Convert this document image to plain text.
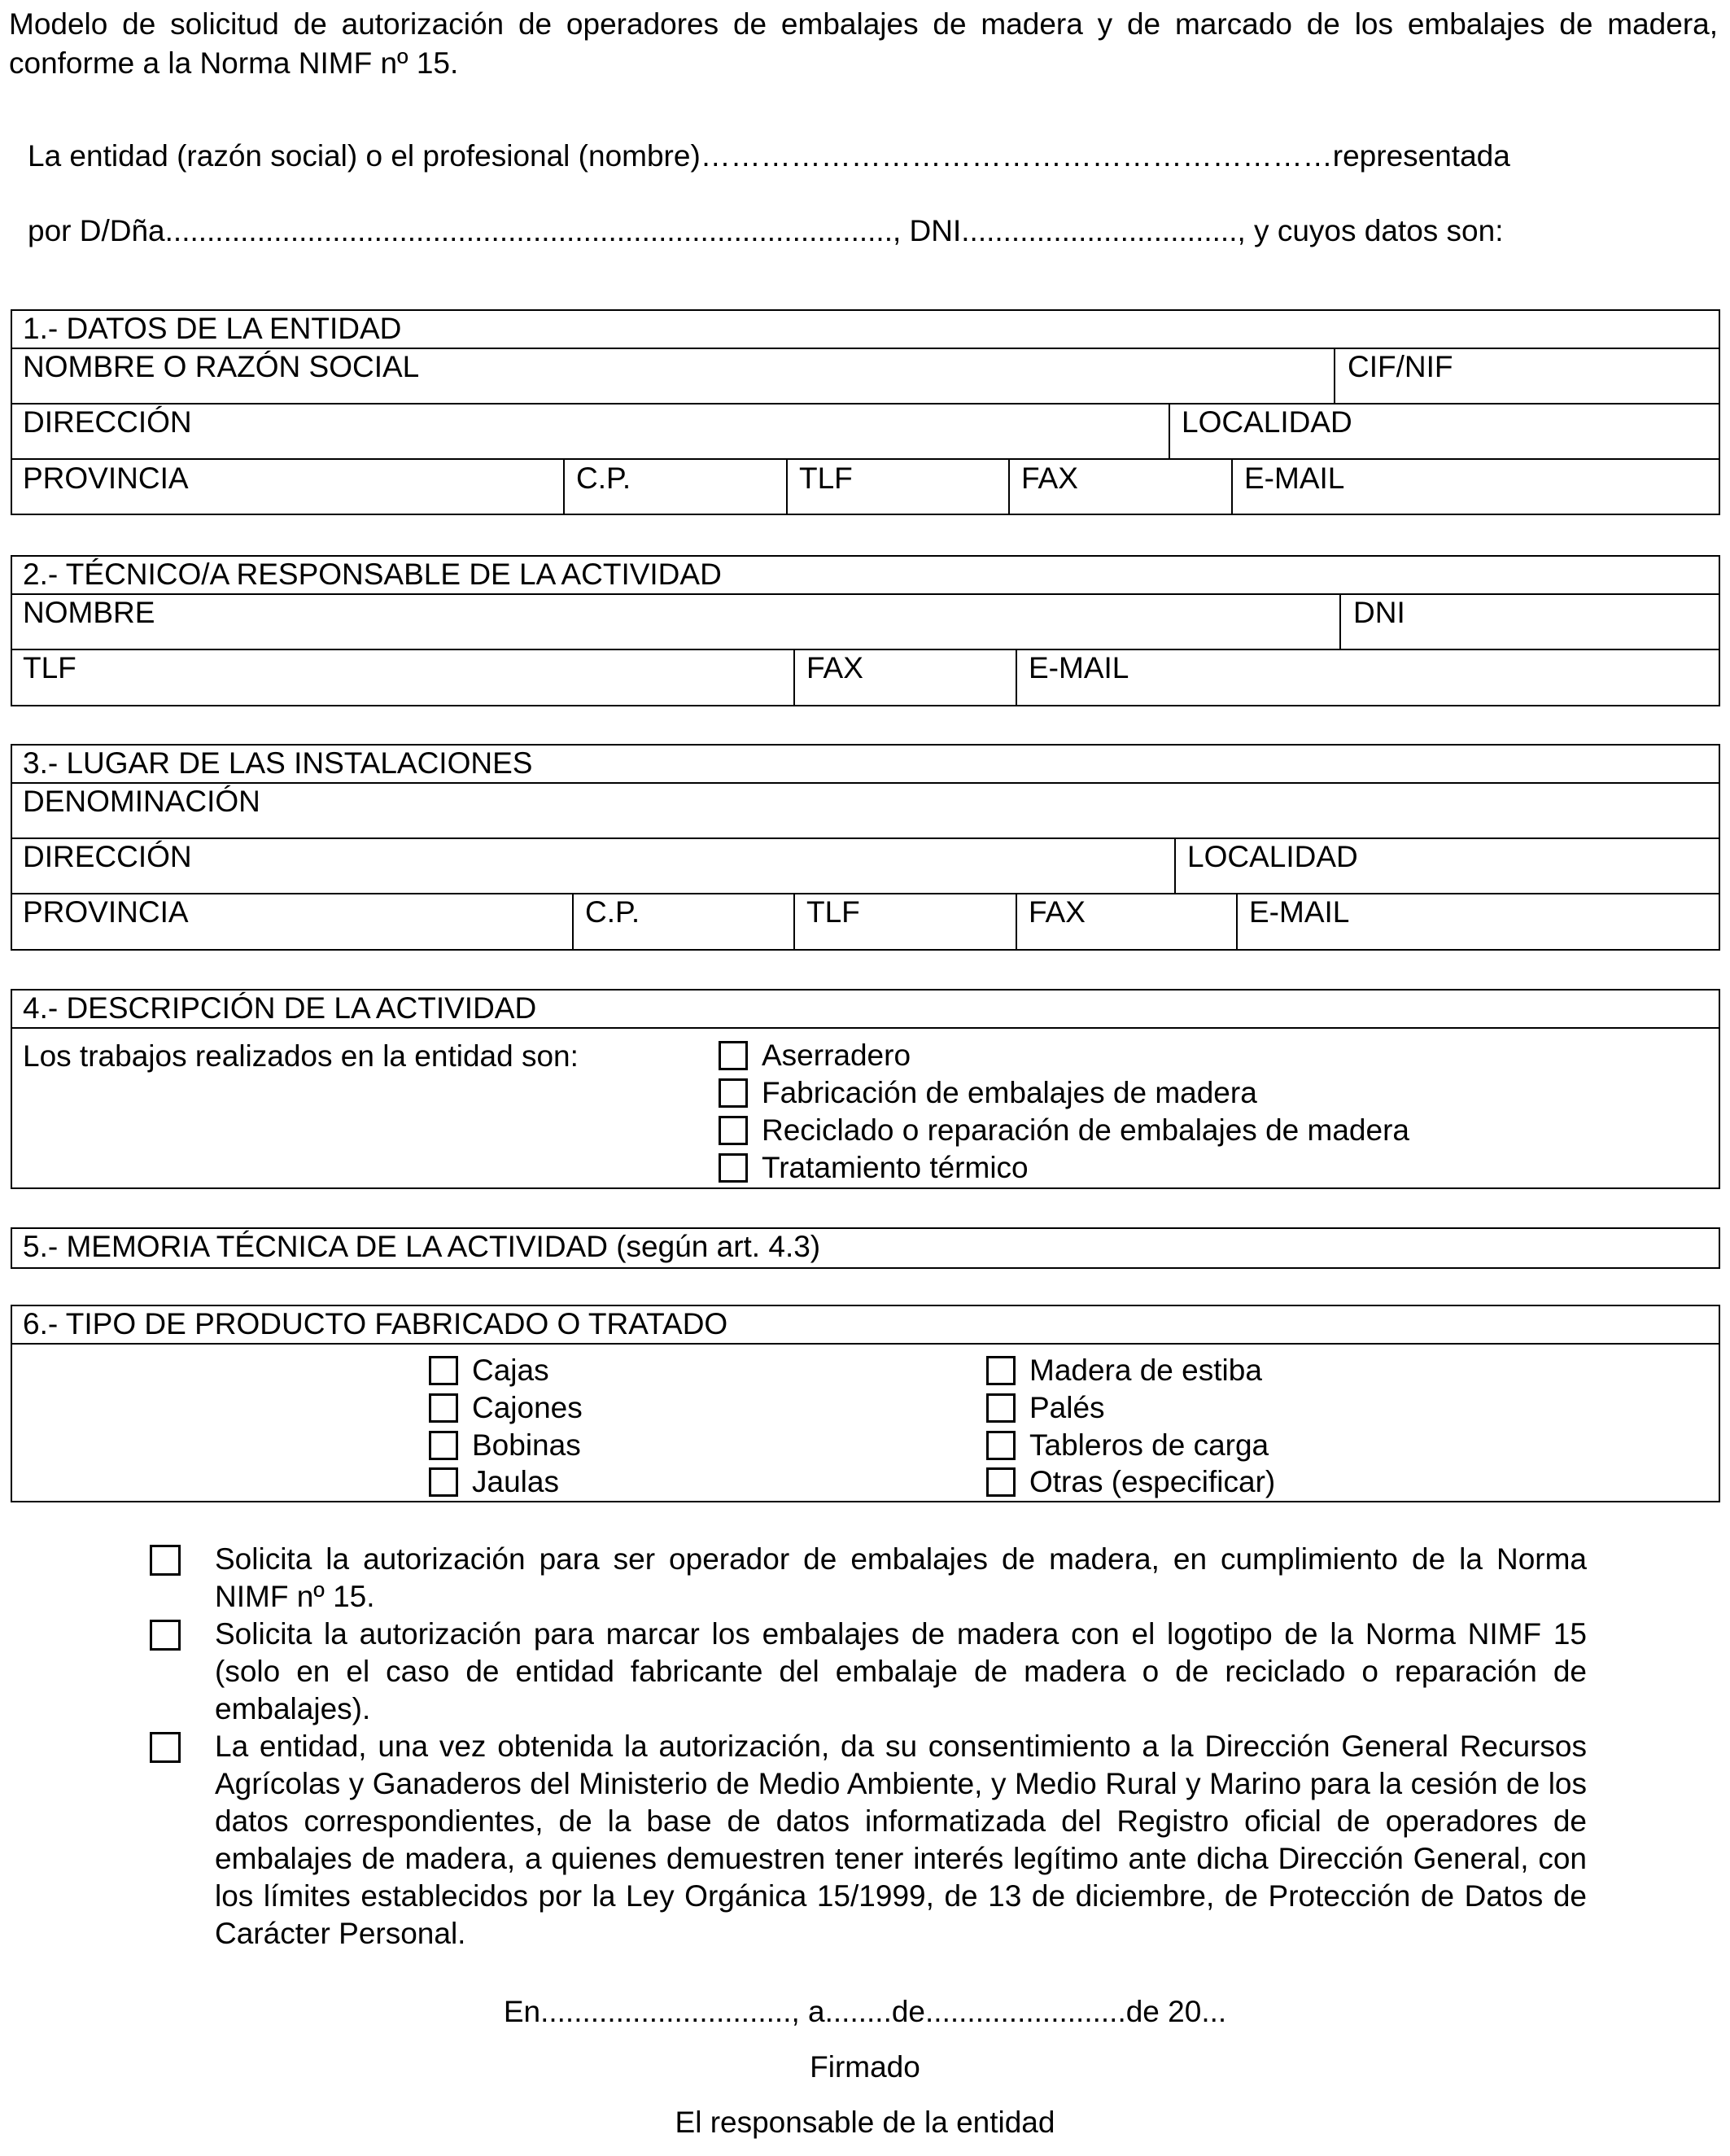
Modelo de solicitud de autorización de operadores de embalajes de madera y de marcado de los embalajes de madera, conforme a la Norma NIMF nº 15.
La entidad (razón social) o el profesional (nombre)………………………………………………………representada
por D/Dña......................................................................................., DNI................................., y cuyos datos son:
1.- DATOS DE LA ENTIDAD
NOMBRE O RAZÓN SOCIAL	CIF/NIF
DIRECCIÓN	LOCALIDAD
PROVINCIA	C.P.	TLF	FAX	E-MAIL
2.- TÉCNICO/A RESPONSABLE DE LA ACTIVIDAD
NOMBRE	DNI
TLF	FAX	E-MAIL
3.- LUGAR DE LAS INSTALACIONES
DENOMINACIÓN
DIRECCIÓN	LOCALIDAD
PROVINCIA	C.P.	TLF	FAX	E-MAIL
4.- DESCRIPCIÓN DE LA ACTIVIDAD
Los trabajos realizados en la entidad son:	Aserradero
Fabricación de embalajes de madera
Reciclado o reparación de embalajes de madera
Tratamiento térmico
5.- MEMORIA TÉCNICA DE LA ACTIVIDAD (según art. 4.3)
6.- TIPO DE PRODUCTO FABRICADO O TRATADO
Cajas
Cajones
Bobinas
Jaulas
Madera de estiba
Palés
Tableros de carga
Otras (especificar)
Solicita la autorización para ser operador de embalajes de madera, en cumplimiento de la Norma NIMF nº 15.
Solicita la autorización para marcar los embalajes de madera con el logotipo de la Norma NIMF 15 (solo en el caso de entidad fabricante del embalaje de madera o de reciclado o reparación de embalajes).
La entidad, una vez obtenida la autorización, da su consentimiento a la Dirección General Recursos Agrícolas y Ganaderos del Ministerio de Medio Ambiente, y Medio Rural y Marino para la cesión de los datos correspondientes, de la base de datos informatizada del Registro oficial de operadores de embalajes de madera, a quienes demuestren tener interés legítimo ante dicha Dirección General, con los límites establecidos por la Ley Orgánica 15/1999, de 13 de diciembre, de Protección de Datos de Carácter Personal.
En.............................., a........de........................de 20...
Firmado
El responsable de la entidad
